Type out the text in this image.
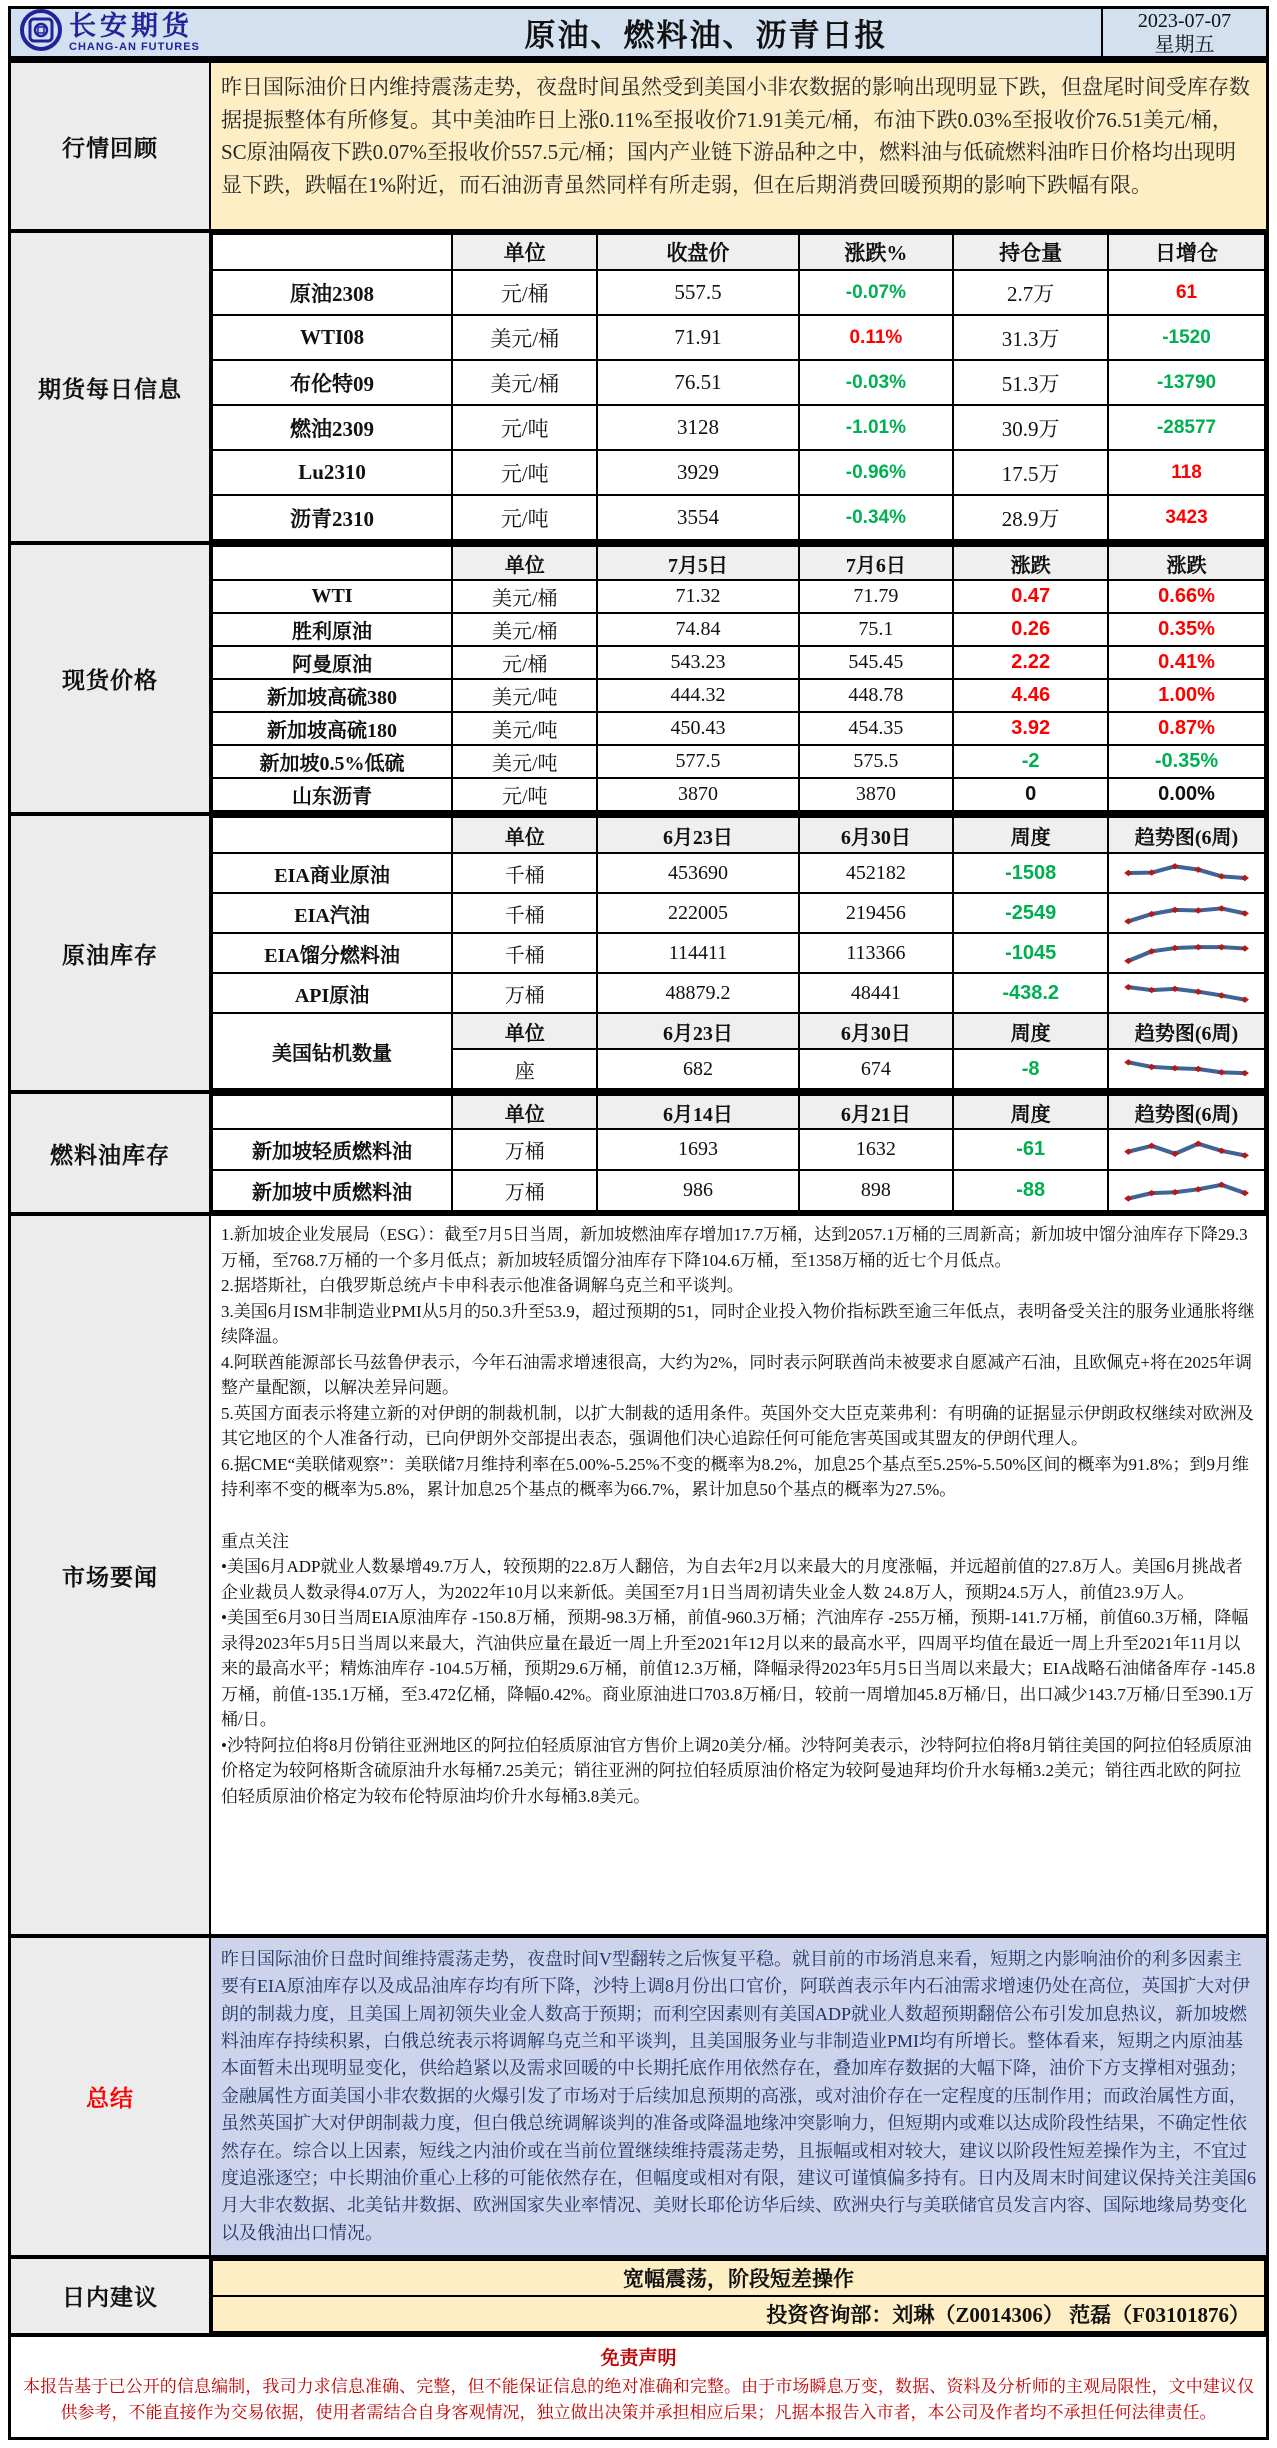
长安期货
CHANG-AN FUTURES	原油、燃料油、沥青日报	2023-07-07
星期五
行情回顾
昨日国际油价日内维持震荡走势，夜盘时间虽然受到美国小非农数据的影响出现明显下跌，但盘尾时间受库存数据提振整体有所修复。其中美油昨日上涨0.11%至报收价71.91美元/桶，布油下跌0.03%至报收价76.51美元/桶，SC原油隔夜下跌0.07%至报收价557.5元/桶；国内产业链下游品种之中，燃料油与低硫燃料油昨日价格均出现明显下跌，跌幅在1%附近，而石油沥青虽然同样有所走弱，但在后期消费回暖预期的影响下跌幅有限。
期货每日信息
	单位	收盘价	涨跌%	持仓量	日增仓
原油2308	元/桶	557.5	-0.07%	2.7万	61
WTI08	美元/桶	71.91	0.11%	31.3万	-1520
布伦特09	美元/桶	76.51	-0.03%	51.3万	-13790
燃油2309	元/吨	3128	-1.01%	30.9万	-28577
Lu2310	元/吨	3929	-0.96%	17.5万	118
沥青2310	元/吨	3554	-0.34%	28.9万	3423
现货价格
	单位	7月5日	7月6日	涨跌	涨跌
WTI	美元/桶	71.32	71.79	0.47	0.66%
胜利原油	美元/桶	74.84	75.1	0.26	0.35%
阿曼原油	元/桶	543.23	545.45	2.22	0.41%
新加坡高硫380	美元/吨	444.32	448.78	4.46	1.00%
新加坡高硫180	美元/吨	450.43	454.35	3.92	0.87%
新加坡0.5%低硫	美元/吨	577.5	575.5	-2	-0.35%
山东沥青	元/吨	3870	3870	0	0.00%
原油库存
	单位	6月23日	6月30日	周度	趋势图(6周)
EIA商业原油	千桶	453690	452182	-1508	

EIA汽油	千桶	222005	219456	-2549	

EIA馏分燃料油	千桶	114411	113366	-1045	

API原油	万桶	48879.2	48441	-438.2	

美国钻机数量	单位	6月23日	6月30日	周度	趋势图(6周)
	座	682	674	-8	
燃料油库存
	单位	6月14日	6月21日	周度	趋势图(6周)
新加坡轻质燃料油	万桶	1693	1632	-61	

新加坡中质燃料油	万桶	986	898	-88	
市场要闻

1.新加坡企业发展局（ESG）：截至7月5日当周，新加坡燃油库存增加17.7万桶，达到2057.1万桶的三周新高；新加坡中馏分油库存下降29.3万桶，至768.7万桶的一个多月低点；新加坡轻质馏分油库存下降104.6万桶，至1358万桶的近七个月低点。

2.据塔斯社，白俄罗斯总统卢卡申科表示他准备调解乌克兰和平谈判。

3.美国6月ISM非制造业PMI从5月的50.3升至53.9，超过预期的51，同时企业投入物价指标跌至逾三年低点，表明备受关注的服务业通胀将继续降温。

4.阿联酋能源部长马兹鲁伊表示，今年石油需求增速很高，大约为2%，同时表示阿联酋尚未被要求自愿减产石油，且欧佩克+将在2025年调整产量配额，以解决差异问题。

5.英国方面表示将建立新的对伊朗的制裁机制，以扩大制裁的适用条件。英国外交大臣克莱弗利：有明确的证据显示伊朗政权继续对欧洲及其它地区的个人准备行动，已向伊朗外交部提出表态，强调他们决心追踪任何可能危害英国或其盟友的伊朗代理人。

6.据CME“美联储观察”：美联储7月维持利率在5.00%-5.25%不变的概率为8.2%，加息25个基点至5.25%-5.50%区间的概率为91.8%；到9月维持利率不变的概率为5.8%，累计加息25个基点的概率为66.7%，累计加息50个基点的概率为27.5%。

重点关注

•美国6月ADP就业人数暴增49.7万人，较预期的22.8万人翻倍，为自去年2月以来最大的月度涨幅，并远超前值的27.8万人。美国6月挑战者企业裁员人数录得4.07万人，为2022年10月以来新低。美国至7月1日当周初请失业金人数 24.8万人，预期24.5万人，前值23.9万人。

•美国至6月30日当周EIA原油库存 -150.8万桶，预期-98.3万桶，前值-960.3万桶；汽油库存 -255万桶，预期-141.7万桶，前值60.3万桶，降幅录得2023年5月5日当周以来最大，汽油供应量在最近一周上升至2021年12月以来的最高水平，四周平均值在最近一周上升至2021年11月以来的最高水平；精炼油库存 -104.5万桶，预期29.6万桶，前值12.3万桶，降幅录得2023年5月5日当周以来最大；EIA战略石油储备库存 -145.8万桶，前值-135.1万桶，至3.472亿桶，降幅0.42%。商业原油进口703.8万桶/日，较前一周增加45.8万桶/日，出口减少143.7万桶/日至390.1万桶/日。

•沙特阿拉伯将8月份销往亚洲地区的阿拉伯轻质原油官方售价上调20美分/桶。沙特阿美表示，沙特阿拉伯将8月销往美国的阿拉伯轻质原油价格定为较阿格斯含硫原油升水每桶7.25美元；销往亚洲的阿拉伯轻质原油价格定为较阿曼迪拜均价升水每桶3.2美元；销往西北欧的阿拉伯轻质原油价格定为较布伦特原油均价升水每桶3.8美元。

总结
昨日国际油价日盘时间维持震荡走势，夜盘时间V型翻转之后恢复平稳。就目前的市场消息来看，短期之内影响油价的利多因素主要有EIA原油库存以及成品油库存均有所下降，沙特上调8月份出口官价，阿联酋表示年内石油需求增速仍处在高位，英国扩大对伊朗的制裁力度，且美国上周初领失业金人数高于预期；而利空因素则有美国ADP就业人数超预期翻倍公布引发加息热议，新加坡燃料油库存持续积累，白俄总统表示将调解乌克兰和平谈判，且美国服务业与非制造业PMI均有所增长。整体看来，短期之内原油基本面暂未出现明显变化，供给趋紧以及需求回暖的中长期托底作用依然存在，叠加库存数据的大幅下降，油价下方支撑相对强劲；金融属性方面美国小非农数据的火爆引发了市场对于后续加息预期的高涨，或对油价存在一定程度的压制作用；而政治属性方面，虽然英国扩大对伊朗制裁力度，但白俄总统调解谈判的准备或降温地缘冲突影响力，但短期内或难以达成阶段性结果，不确定性依然存在。综合以上因素，短线之内油价或在当前位置继续维持震荡走势，且振幅或相对较大，建议以阶段性短差操作为主，不宜过度追涨逐空；中长期油价重心上移的可能依然存在，但幅度或相对有限，建议可谨慎偏多持有。日内及周末时间建议保持关注美国6月大非农数据、北美钻井数据、欧洲国家失业率情况、美财长耶伦访华后续、欧洲央行与美联储官员发言内容、国际地缘局势变化以及俄油出口情况。
日内建议
宽幅震荡，阶段短差操作
投资咨询部：刘琳（Z0014306） 范磊（F03101876）
免责声明

本报告基于已公开的信息编制，我司力求信息准确、完整，但不能保证信息的绝对准确和完整。由于市场瞬息万变，数据、资料及分析师的主观局限性，文中建议仅供参考，不能直接作为交易依据，使用者需结合自身客观情况，独立做出决策并承担相应后果；凡据本报告入市者，本公司及作者均不承担任何法律责任。
